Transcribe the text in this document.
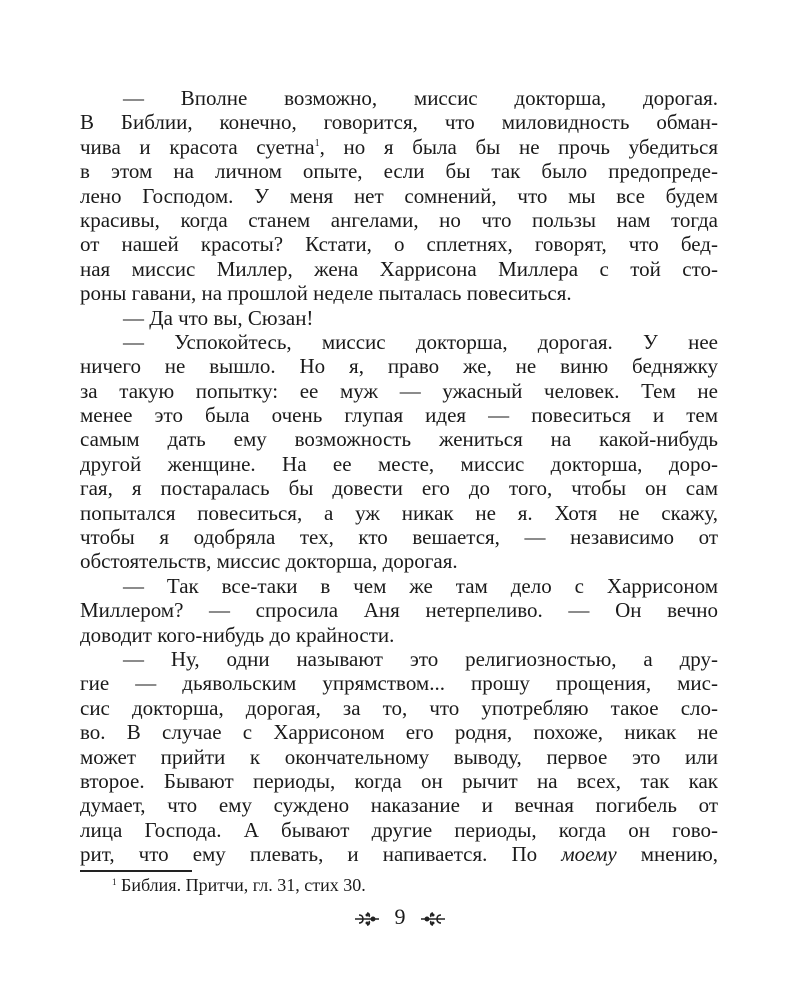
— Вполне возможно, миссис докторша, дорогая.
В Библии, конечно, говорится, что миловидность обман-
чива и красота суетна$^1$, но я была бы не прочь убедиться
в этом на личном опыте, если бы так было предопреде-
лено Господом. У меня нет сомнений, что мы все будем
красивы, когда станем ангелами, но что пользы нам тогда
от нашей красоты? Кстати, о сплетнях, говорят, что бед-
ная миссис Миллер, жена Харрисона Миллера с той сто-
роны гавани, на прошлой неделе пыталась повеситься.
— Да что вы, Сюзан!
— Успокойтесь, миссис докторша, дорогая. У нее
ничего не вышло. Но я, право же, не виню бедняжку
за такую попытку: ее муж — ужасный человек. Тем не
менее это была очень глупая идея — повеситься и тем
самым дать ему возможность жениться на какой-нибудь
другой женщине. На ее месте, миссис докторша, доро-
гая, я постаралась бы довести его до того, чтобы он сам
попытался повеситься, а уж никак не я. Хотя не скажу,
чтобы я одобряла тех, кто вешается, — независимо от
обстоятельств, миссис докторша, дорогая.
— Так все-таки в чем же там дело с Харрисоном
Миллером? — спросила Аня нетерпеливо. — Он вечно
доводит кого-нибудь до крайности.
— Ну, одни называют это религиозностью, а дру-
гие — дьявольским упрямством... прошу прощения, мис-
сис докторша, дорогая, за то, что употребляю такое сло-
во. В случае с Харрисоном его родня, похоже, никак не
может прийти к окончательному выводу, первое это или
второе. Бывают периоды, когда он рычит на всех, так как
думает, что ему суждено наказание и вечная погибель от
лица Господа. А бывают другие периоды, когда он гово-
рит, что ему плевать, и напивается. По моему мнению,
$^1$ Библия. Притчи, гл. 31, стих 30.
9
